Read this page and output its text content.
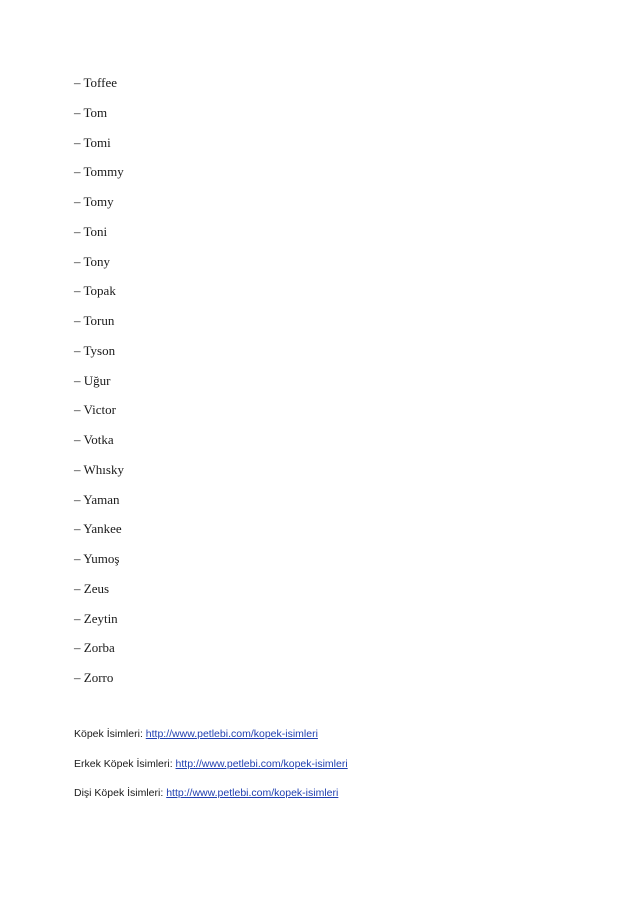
– Toffee
– Tom
– Tomi
– Tommy
– Tomy
– Toni
– Tony
– Topak
– Torun
– Tyson
– Uğur
– Victor
– Votka
– Whısky
– Yaman
– Yankee
– Yumoş
– Zeus
– Zeytin
– Zorba
– Zorro
Köpek İsimleri: http://www.petlebi.com/kopek-isimleri
Erkek Köpek İsimleri: http://www.petlebi.com/kopek-isimleri
Dişi Köpek İsimleri: http://www.petlebi.com/kopek-isimleri
